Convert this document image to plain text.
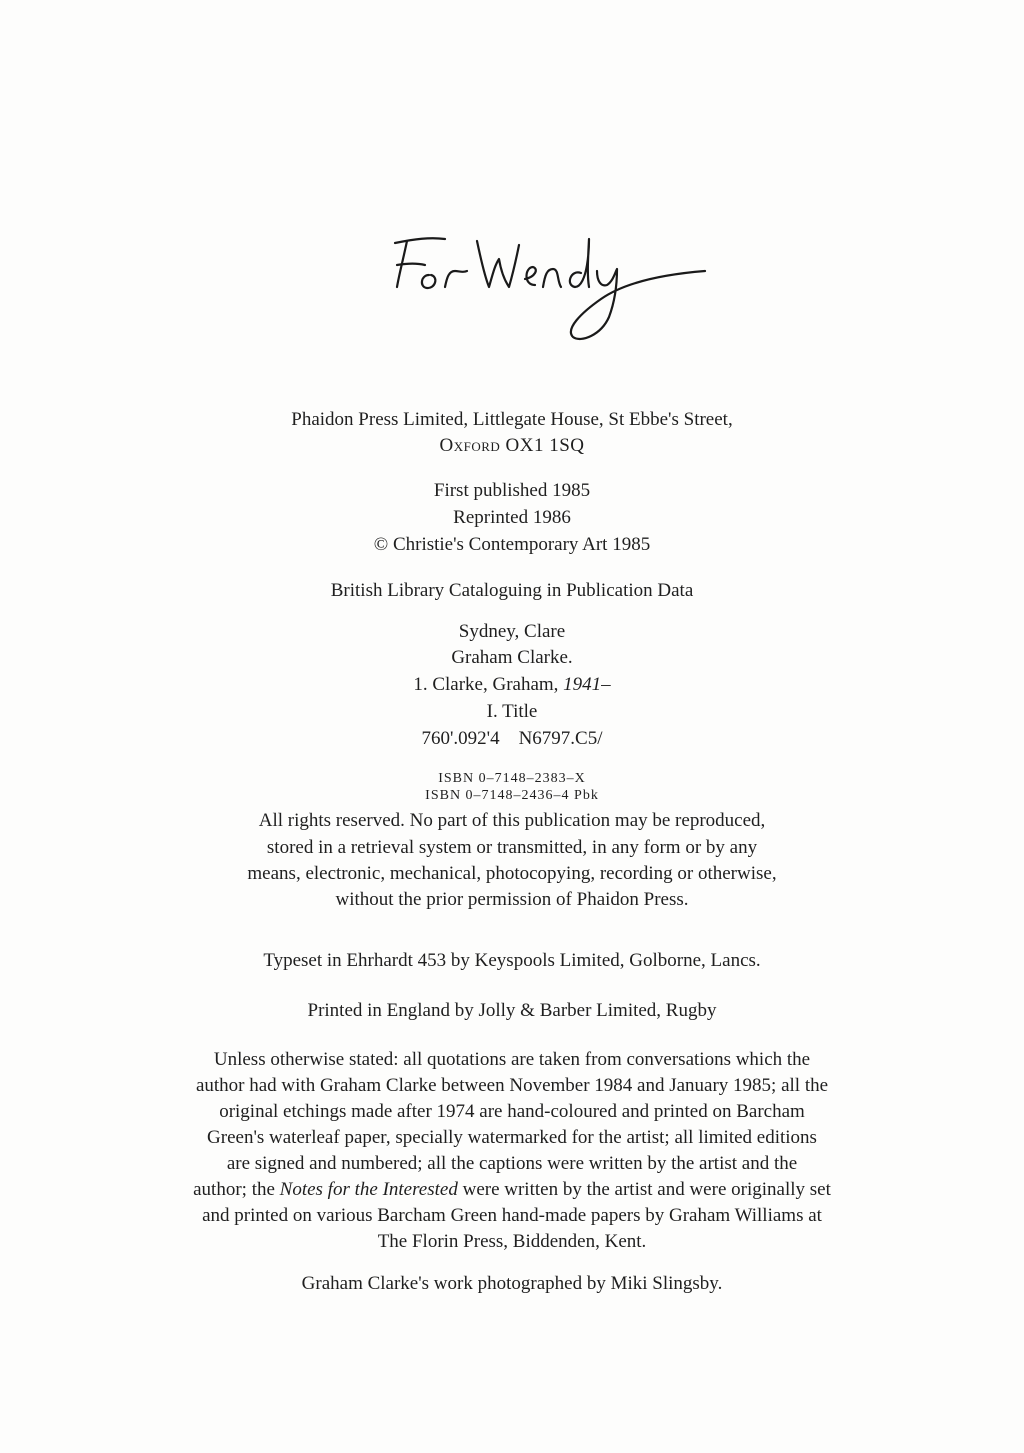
Phaidon Press Limited, Littlegate House, St Ebbe's Street,
Oxford OX1 1SQ
First published 1985
Reprinted 1986
© Christie's Contemporary Art 1985
British Library Cataloguing in Publication Data
Sydney, Clare
Graham Clarke.
1. Clarke, Graham, 1941–
I. Title
760'.092'4    N6797.C5/
ISBN 0–7148–2383–X
ISBN 0–7148–2436–4 Pbk
All rights reserved. No part of this publication may be reproduced,
stored in a retrieval system or transmitted, in any form or by any
means, electronic, mechanical, photocopying, recording or otherwise,
without the prior permission of Phaidon Press.
Typeset in Ehrhardt 453 by Keyspools Limited, Golborne, Lancs.
Printed in England by Jolly & Barber Limited, Rugby
Unless otherwise stated: all quotations are taken from conversations which the
author had with Graham Clarke between November 1984 and January 1985; all the
original etchings made after 1974 are hand-coloured and printed on Barcham
Green's waterleaf paper, specially watermarked for the artist; all limited editions
are signed and numbered; all the captions were written by the artist and the
author; the Notes for the Interested were written by the artist and were originally set
and printed on various Barcham Green hand-made papers by Graham Williams at
The Florin Press, Biddenden, Kent.
Graham Clarke's work photographed by Miki Slingsby.
